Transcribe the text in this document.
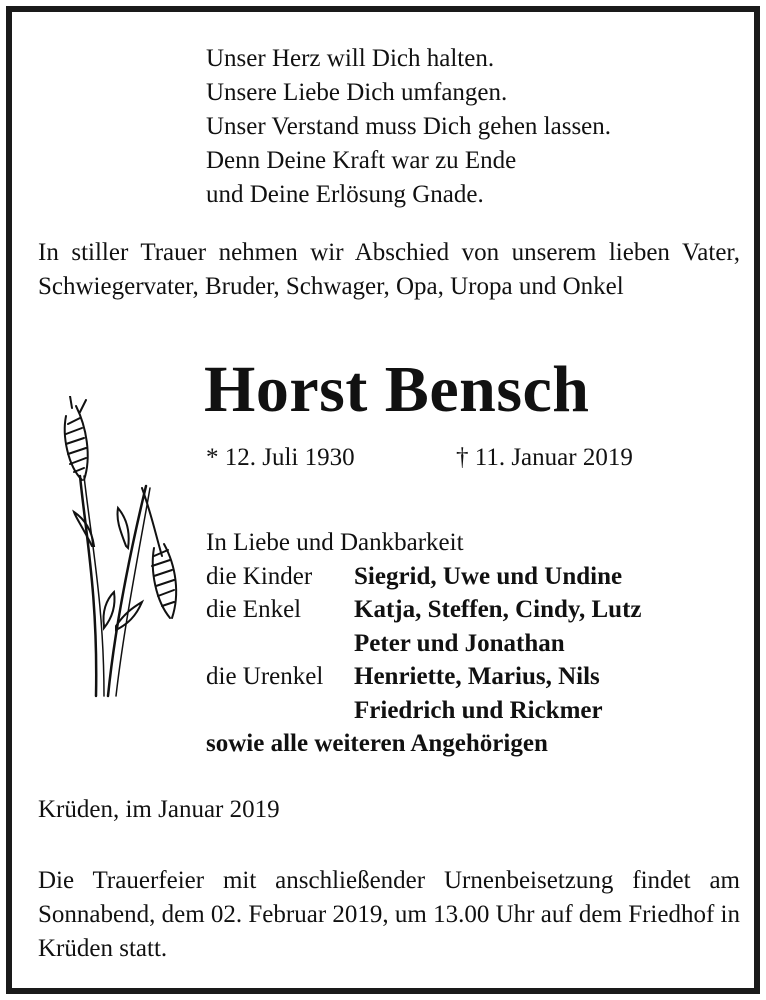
Unser Herz will Dich halten.
Unsere Liebe Dich umfangen.
Unser Verstand muss Dich gehen lassen.
Denn Deine Kraft war zu Ende
und Deine Erlösung Gnade.
In stiller Trauer nehmen wir Abschied von unserem lieben Vater, Schwiegervater, Bruder, Schwager, Opa, Uropa und Onkel
Horst Bensch
* 12. Juli 1930	† 11. Januar 2019
In Liebe und Dankbarkeit
die Kinder Siegrid, Uwe und Undine
die Enkel Katja, Steffen, Cindy, Lutz
Peter und Jonathan
die Urenkel Henriette, Marius, Nils
Friedrich und Rickmer
sowie alle weiteren Angehörigen
Krüden, im Januar 2019
Die Trauerfeier mit anschließender Urnenbeisetzung findet am Sonnabend, dem 02. Februar 2019, um 13.00 Uhr auf dem Friedhof in Krüden statt.
